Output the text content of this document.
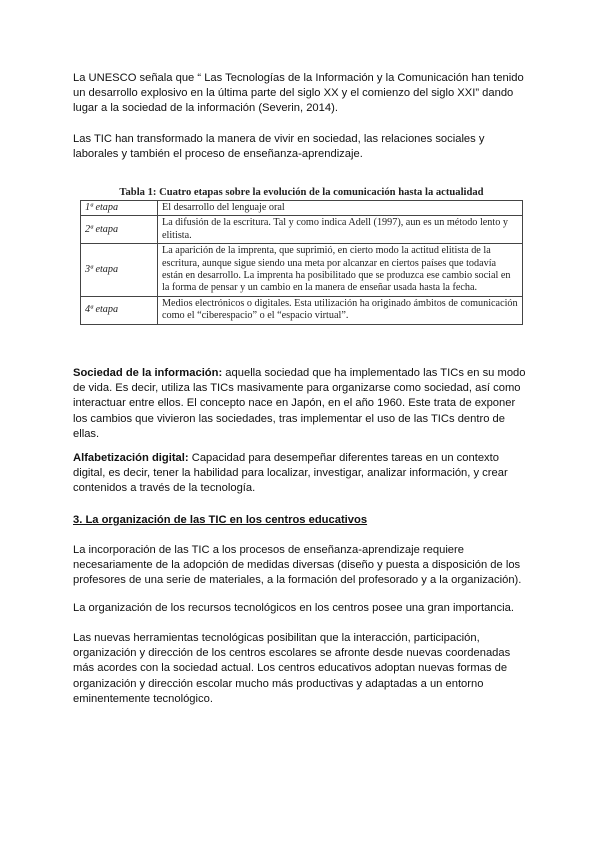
La UNESCO señala que “ Las Tecnologías de la Información y la Comunicación han tenido un desarrollo explosivo en la última parte del siglo XX y el comienzo del siglo XXI” dando lugar a la sociedad de la información (Severin, 2014).

Las TIC han transformado la manera de vivir en sociedad, las relaciones sociales y laborales y también el proceso de enseñanza-aprendizaje.

Tabla 1: Cuatro etapas sobre la evolución de la comunicación hasta la actualidad

1ª etapa	El desarrollo del lenguaje oral
2ª etapa	La difusión de la escritura. Tal y como indica Adell (1997), aun es un método lento y elitista.
3ª etapa	La aparición de la imprenta, que suprimió, en cierto modo la actitud elitista de la escritura, aunque sigue siendo una meta por alcanzar en ciertos países que todavía están en desarrollo. La imprenta ha posibilitado que se produzca ese cambio social en la forma de pensar y un cambio en la manera de enseñar usada hasta la fecha.
4ª etapa	Medios electrónicos o digitales. Esta utilización ha originado ámbitos de comunicación como el “ciberespacio” o el “espacio virtual”.

Sociedad de la información: aquella sociedad que ha implementado las TICs en su modo de vida. Es decir, utiliza las TICs masivamente para organizarse como sociedad, así como interactuar entre ellos. El concepto nace en Japón, en el año 1960. Este trata de exponer los cambios que vivieron las sociedades, tras implementar el uso de las TICs dentro de ellas.

Alfabetización digital: Capacidad para desempeñar diferentes tareas en un contexto digital, es decir, tener la habilidad para localizar, investigar, analizar información, y crear contenidos a través de la tecnología.

3. La organización de las TIC en los centros educativos

La incorporación de las TIC a los procesos de enseñanza-aprendizaje requiere necesariamente de la adopción de medidas diversas (diseño y puesta a disposición de los profesores de una serie de materiales, a la formación del profesorado y a la organización).

La organización de los recursos tecnológicos en los centros posee una gran importancia.

Las nuevas herramientas tecnológicas posibilitan que la interacción, participación, organización y dirección de los centros escolares se afronte desde nuevas coordenadas más acordes con la sociedad actual. Los centros educativos adoptan nuevas formas de organización y dirección escolar mucho más productivas y adaptadas a un entorno eminentemente tecnológico.
